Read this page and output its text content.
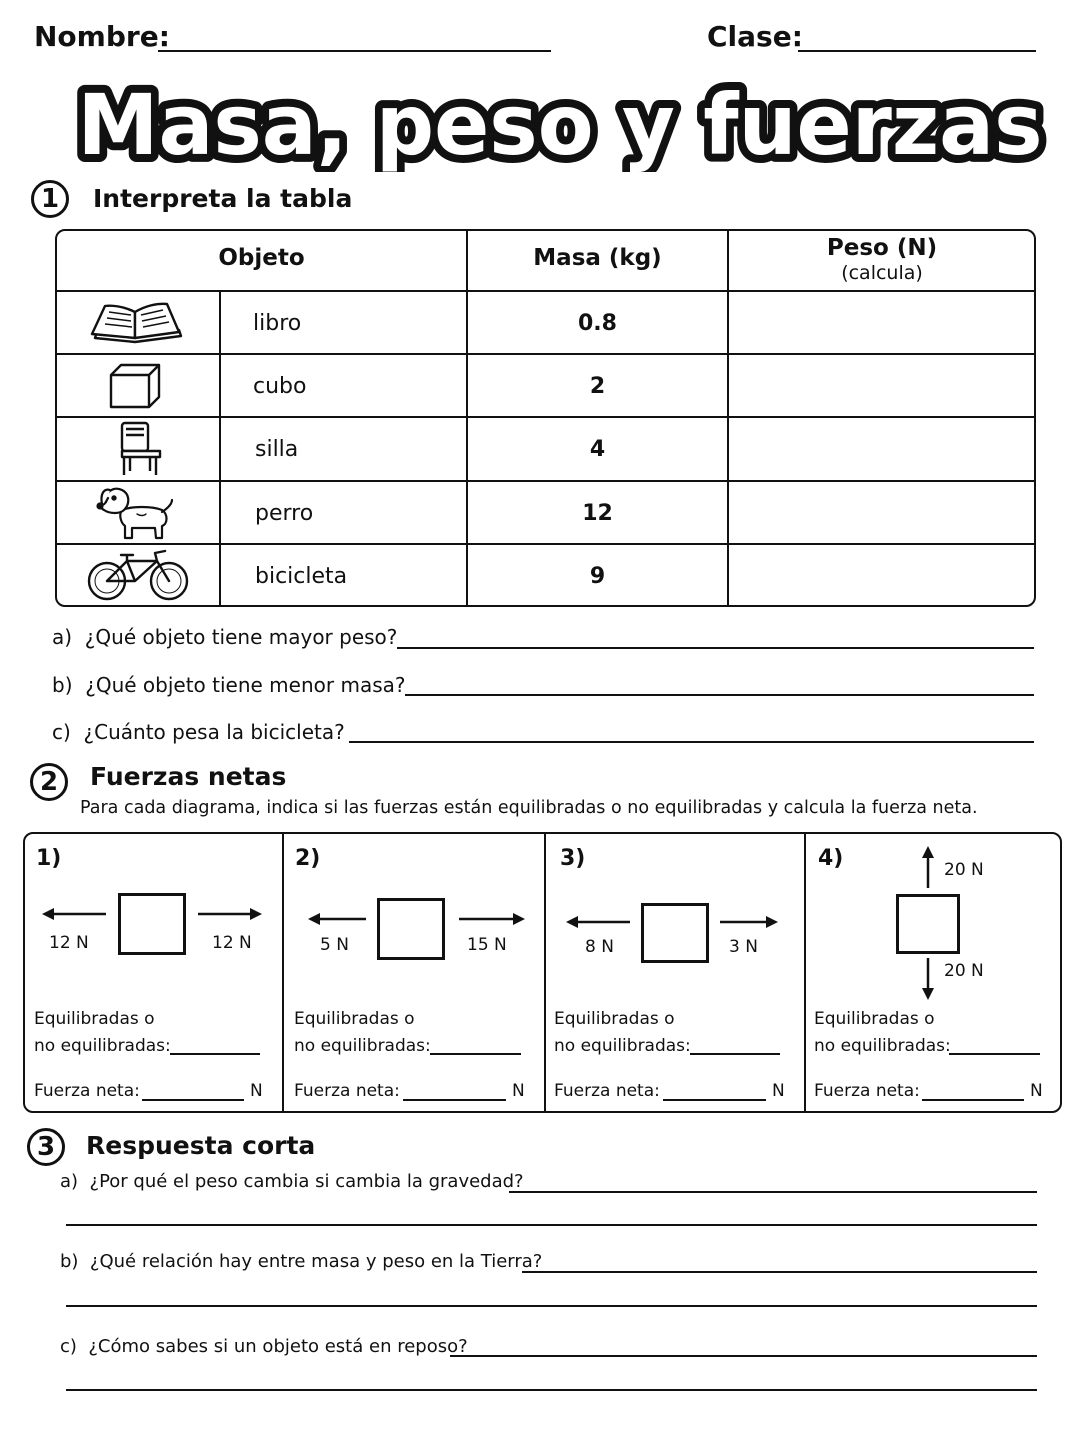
Nombre:	Clase:
Masa, peso y fuerzas
1	Interpreta la tabla
Objeto	Masa (kg)	Peso (N)
(calcula)
libro	0.8
cubo	2
silla	4
perro	12
bicicleta	9
a) ¿Qué objeto tiene mayor peso?
b) ¿Qué objeto tiene menor masa?
c) ¿Cuánto pesa la bicicleta?
2	Fuerzas netas
Para cada diagrama, indica si las fuerzas están equilibradas o no equilibradas y calcula la fuerza neta.
1)
12 N	12 N
Equilibradas o
no equilibradas:
Fuerza neta:	N
2)
5 N	15 N
Equilibradas o
no equilibradas:
Fuerza neta:	N
3)
8 N	3 N
Equilibradas o
no equilibradas:
Fuerza neta:	N
4)	20 N
20 N
Equilibradas o
no equilibradas:
Fuerza neta:	N
3	Respuesta corta
a) ¿Por qué el peso cambia si cambia la gravedad?
b) ¿Qué relación hay entre masa y peso en la Tierra?
c) ¿Cómo sabes si un objeto está en reposo?
